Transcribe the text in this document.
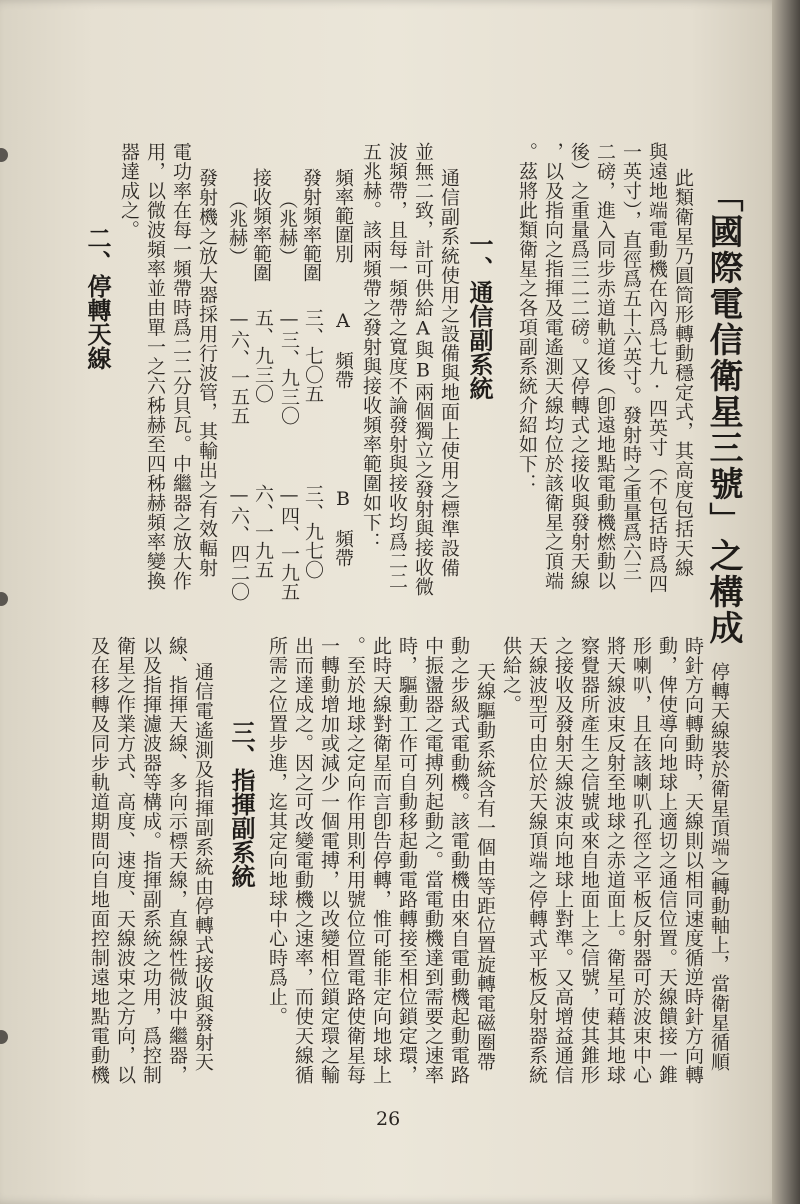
「國際電信衛星三號」之構成
此類衛星乃圓筒形轉動穩定式，其高度包括天線
與遠地端電動機在內爲七九·四英寸（不包括時爲四
一英寸），直徑爲五十六英寸。發射時之重量爲六三
二磅，進入同步赤道軌道後（卽遠地點電動機燃動以
後）之重量爲三二二磅。又停轉式之接收與發射天線
，以及指向之指揮及電遙測天線均位於該衛星之頂端
。茲將此類衛星之各項副系統介紹如下：
一、通信副系統
通信副系統使用之設備與地面上使用之標準設備
並無二致，計可供給A與B兩個獨立之發射與接收微
波頻帶，且每一頻帶之寬度不論發射與接收均爲二二
五兆赫。該兩頻帶之發射與接收頻率範圍如下：
頻率範圍別
A　頻帶
B　頻帶
發射頻率範圍
（兆赫）
三、七〇五
—三、九三〇
三、九七〇
—四、一九五
接收頻率範圍
（兆赫）
五、九三〇
—六、一五五
六、一九五
—六、四二〇
發射機之放大器採用行波管，其輸出之有效輻射
電功率在每一頻帶時爲二二分貝瓦。中繼器之放大作
用，以微波頻率並由單一之六秭赫至四秭赫頻率變換
器達成之。
二、停轉天線
停轉天線裝於衛星頂端之轉動軸上，當衛星循順
時針方向轉動時，天線則以相同速度循逆時針方向轉
動，俾使導向地球上適切之通信位置。天線饋接一錐
形喇叭，且在該喇叭孔徑之平板反射器可於波束中心
將天線波束反射至地球之赤道面上。衛星可藉其地球
察覺器所產生之信號或來自地面上之信號，使其錐形
之接收及發射天線波束向地球上對準。又高增益通信
天線波型可由位於天線頂端之停轉式平板反射器系統
供給之。
天線驅動系統含有一個由等距位置旋轉電磁圈帶
動之步級式電動機。該電動機由來自電動機起動電路
中振盪器之電搏列起動之。當電動機達到需要之速率
時，驅動工作可自動移起動電路轉接至相位鎖定環，
此時天線對衛星而言卽告停轉，惟可能非定向地球上
。至於地球之定向作用則利用號位位置電路使衛星每
一轉動增加或減少一個電搏，以改變相位鎖定環之輸
出而達成之。因之可改變電動機之速率，而使天線循
所需之位置步進，迄其定向地球中心時爲止。
三、指揮副系統
通信電遙測及指揮副系統由停轉式接收與發射天
線、指揮天線、多向示標天線，直線性微波中繼器，
以及指揮濾波器等構成。指揮副系統之功用，爲控制
衛星之作業方式、高度、速度、天線波束之方向，以
及在移轉及同步軌道期間向自地面控制遠地點電動機
26
